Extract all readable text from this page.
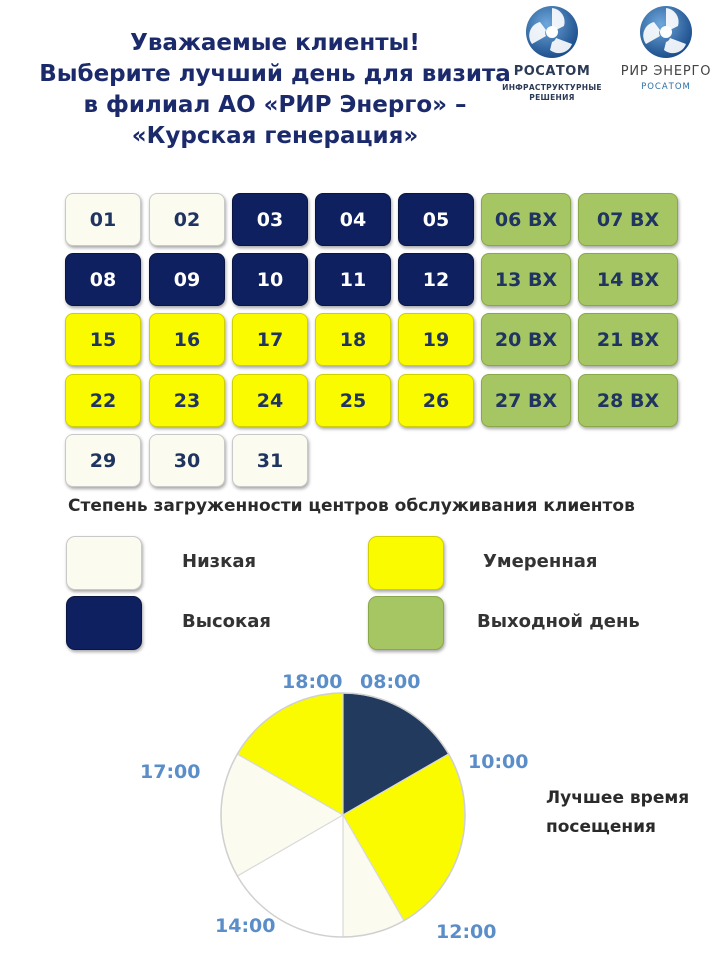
Уважаемые клиенты!
Выберите лучший день для визита
в филиал АО «РИР Энерго» –
«Курская генерация»
РОСАТОМ
ИНФРАСТРУКТУРНЫЕ
РЕШЕНИЯ
РИР ЭНЕРГО
РОСАТОМ
01	02	03	04	05	06 ВХ	07 ВХ
08	09	10	11	12	13 ВХ	14 ВХ
15	16	17	18	19	20 ВХ	21 ВХ
22	23	24	25	26	27 ВХ	28 ВХ
29	30	31
Степень загруженности центров обслуживания клиентов
Низкая	Умеренная
Высокая	Выходной день
08:00
10:00
12:00
14:00
17:00
18:00
Лучшее время
посещения
